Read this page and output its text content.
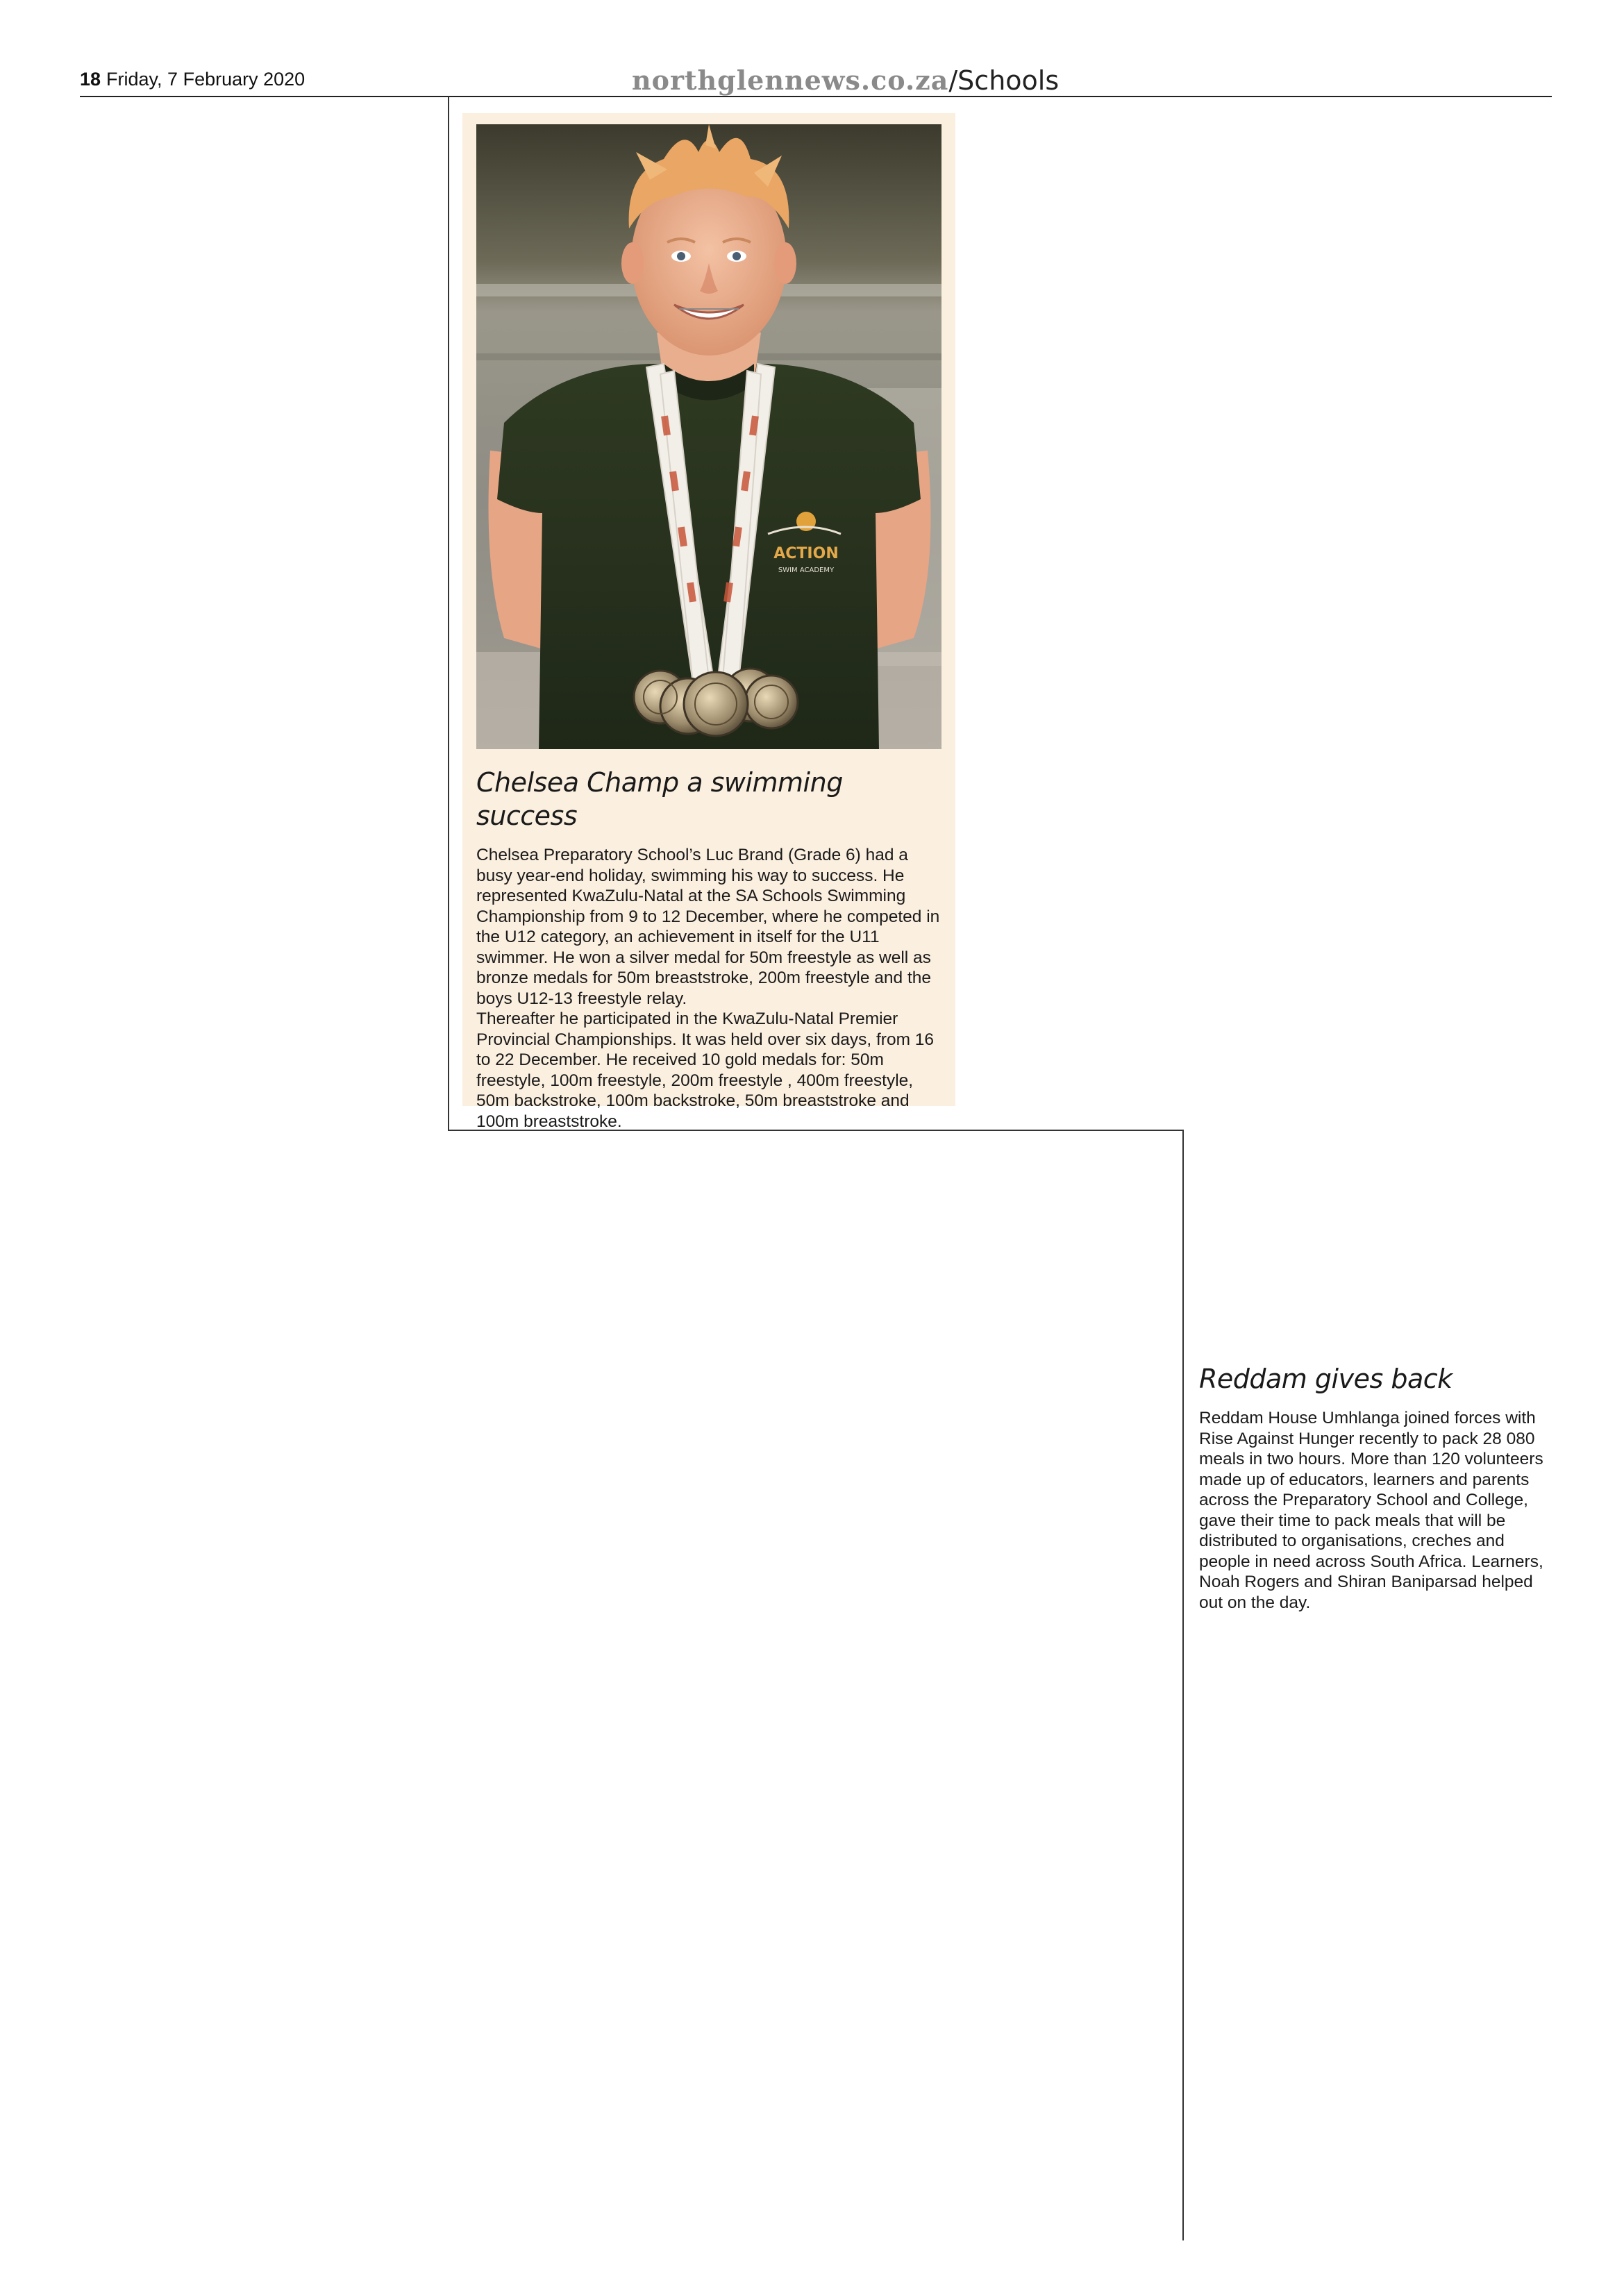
18 Friday, 7 February 2020	northglennews.co.za/Schools
ACTION
SWIM ACADEMY
Chelsea Champ a swimming success

Chelsea Preparatory School’s Luc Brand (Grade 6) had a busy year-end holiday, swimming his way to success. He represented KwaZulu-Natal at the SA Schools Swimming Championship from 9 to 12 December, where he competed in the U12 category, an achievement in itself for the U11 swimmer. He won a silver medal for 50m freestyle as well as bronze medals for 50m breaststroke, 200m freestyle and the boys U12-13 freestyle relay.

Thereafter he participated in the KwaZulu-Natal Premier Provincial Championships. It was held over six days, from 16 to 22 December. He received 10 gold medals for: 50m freestyle, 100m freestyle, 200m freestyle , 400m freestyle, 50m backstroke, 100m backstroke, 50m breaststroke and 100m breaststroke.

Reddam gives back

Reddam House Umhlanga joined forces with Rise Against Hunger recently to pack 28 080 meals in two hours. More than 120 volunteers made up of educators, learners and parents across the Preparatory School and College, gave their time to pack meals that will be distributed to organisations, creches and people in need across South Africa. Learners, Noah Rogers and Shiran Baniparsad helped out on the day.
